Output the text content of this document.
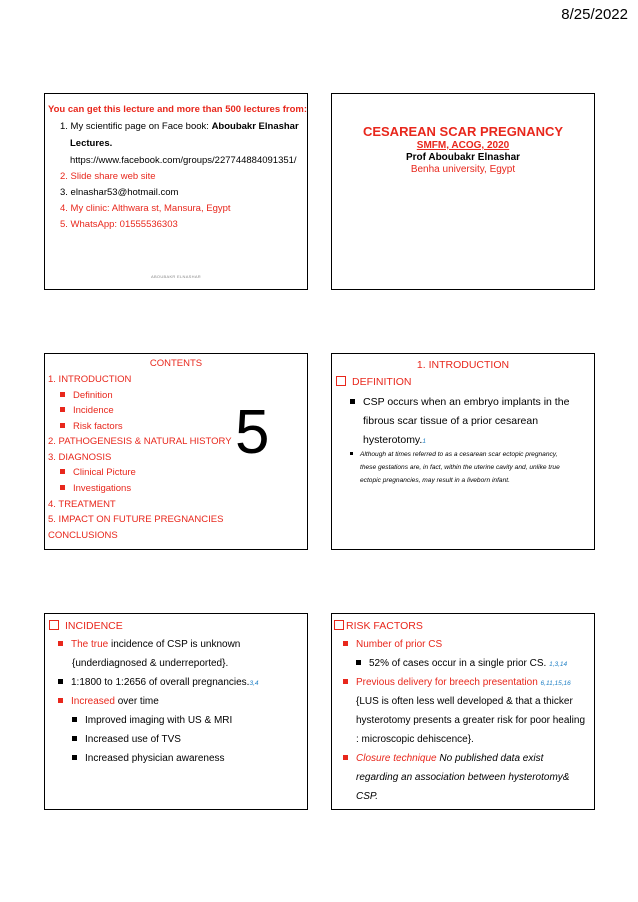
8/25/2022
You can get this lecture and more than 500 lectures from:
1. My scientific page on Face book: Aboubakr Elnashar
Lectures.
https://www.facebook.com/groups/227744884091351/
2. Slide share web site
3. elnashar53@hotmail.com
4. My clinic: Althwara st, Mansura, Egypt
5. WhatsApp: 01555536303
ABOUBAKR ELNASHAR
CESAREAN SCAR PREGNANCY
SMFM, ACOG, 2020
Prof Aboubakr Elnashar
Benha university, Egypt
CONTENTS
1. INTRODUCTION
Definition
Incidence
Risk factors
2. PATHOGENESIS & NATURAL HISTORY
3. DIAGNOSIS
Clinical Picture
Investigations
4. TREATMENT
5. IMPACT ON FUTURE PREGNANCIES
CONCLUSIONS
5
1. INTRODUCTION
DEFINITION
CSP occurs when an embryo implants in the
fibrous scar tissue of a prior cesarean
hysterotomy.1
Although at times referred to as a cesarean scar ectopic pregnancy,
these gestations are, in fact, within the uterine cavity and, unlike true
ectopic pregnancies, may result in a liveborn infant.
INCIDENCE
The true incidence of CSP is unknown
{underdiagnosed & underreported}.
1:1800 to 1:2656 of overall pregnancies.3,4
Increased over time
Improved imaging with US & MRI
Increased use of TVS
Increased physician awareness
RISK FACTORS
Number of prior CS
52% of cases occur in a single prior CS. 1,3,14
Previous delivery for breech presentation 6,11,15,16
{LUS is often less well developed & that a thicker
hysterotomy presents a greater risk for poor healing
: microscopic dehiscence}.
Closure technique No published data exist
regarding an association between hysterotomy&
CSP.
